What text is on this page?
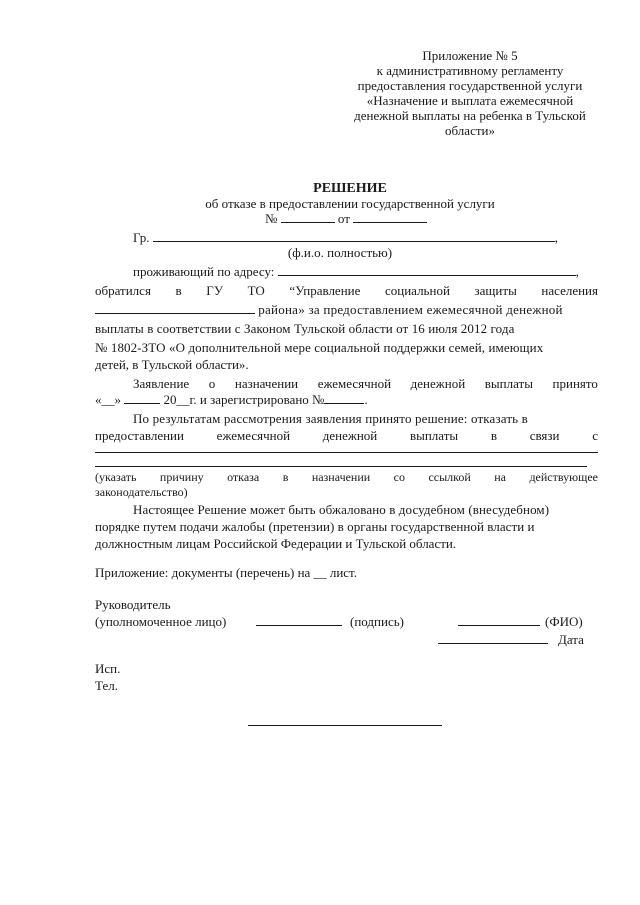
Приложение № 5
к административному регламенту
предоставления государственной услуги
«Назначение и выплата ежемесячной
денежной выплаты на ребенка в Тульской
области»
РЕШЕНИЕ
об отказе в предоставлении государственной услуги
№	от
Гр.	,
(ф.и.о. полностью)
проживающий по адресу:	,
обратился в ГУ ТО “Управление социальной защиты населения
района» за предоставлением ежемесячной денежной
выплаты в соответствии с Законом Тульской области от 16 июля 2012 года
№ 1802-ЗТО «О дополнительной мере социальной поддержки семей, имеющих
детей, в Тульской области».
Заявление о назначении ежемесячной денежной выплаты принято
«__»	20__г. и зарегистрировано №	.
По результатам рассмотрения заявления принято решение: отказать в
предоставлении	ежемесячной	денежной	выплаты	в	связи	с
(указать причину отказа в назначении со ссылкой на действующее
законодательство)
Настоящее Решение может быть обжаловано в досудебном (внесудебном)
порядке путем подачи жалобы (претензии) в органы государственной власти и
должностным лицам Российской Федерации и Тульской области.
Приложение: документы (перечень) на __ лист.
Руководитель
(уполномоченное лицо)	(подпись)	(ФИО)
Дата
Исп.
Тел.
